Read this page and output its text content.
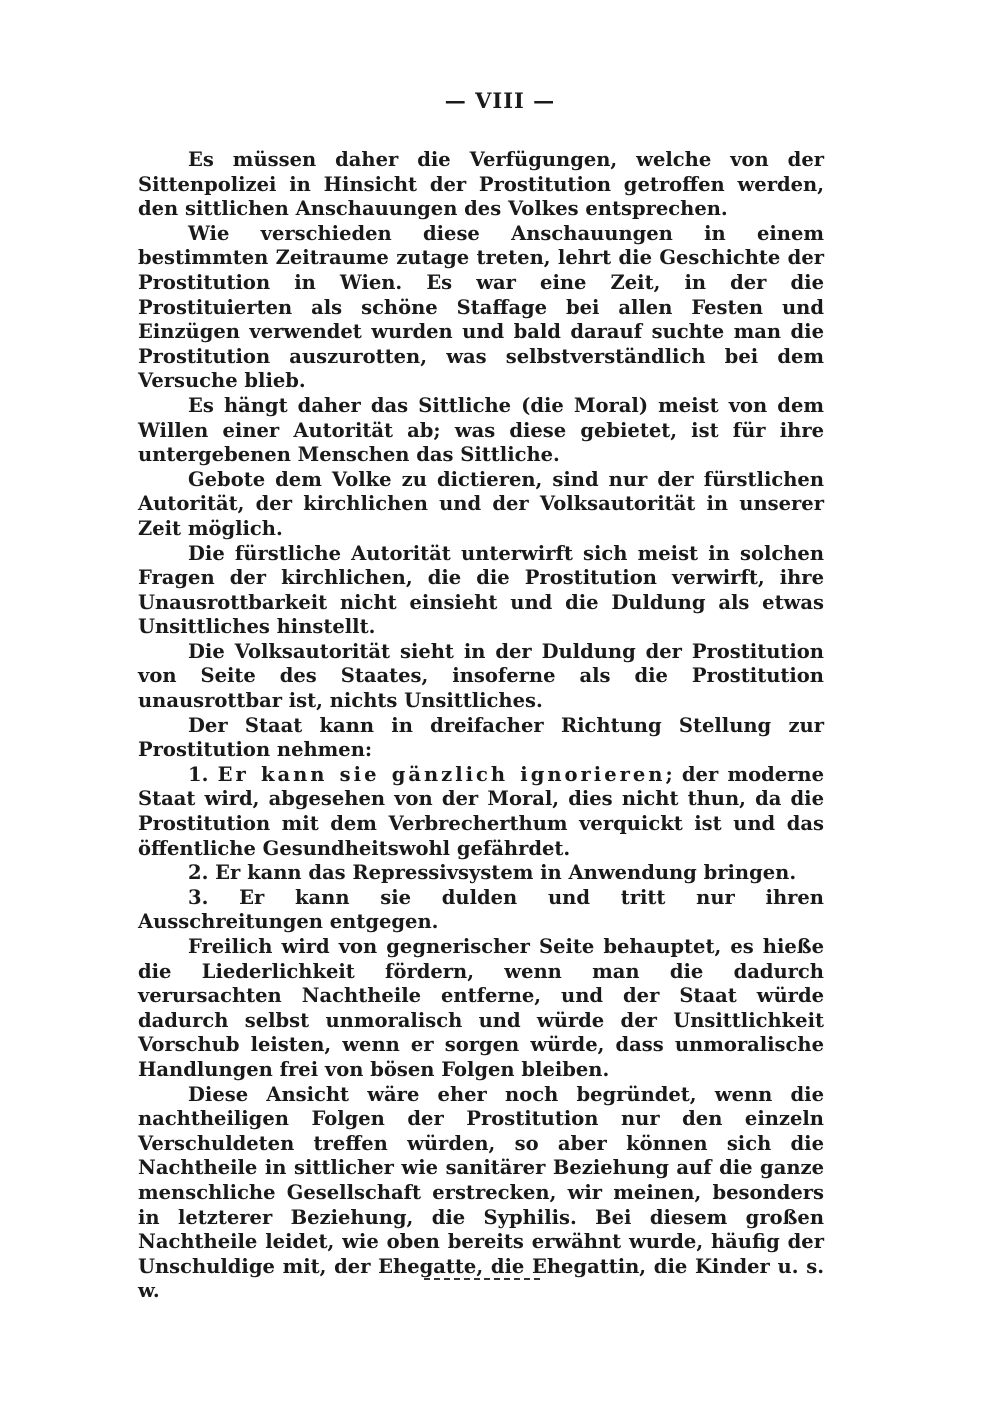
— VIII —

Es müssen daher die Verfügungen, welche von der Sittenpolizei in Hinsicht der Prostitution getroffen werden, den sittlichen Anschauungen des Volkes entsprechen.

Wie verschieden diese Anschauungen in einem bestimmten Zeitraume zutage treten, lehrt die Geschichte der Prostitution in Wien. Es war eine Zeit, in der die Prostituierten als schöne Staffage bei allen Festen und Einzügen verwendet wurden und bald darauf suchte man die Prostitution auszurotten, was selbstverständlich bei dem Versuche blieb.

Es hängt daher das Sittliche (die Moral) meist von dem Willen einer Autorität ab; was diese gebietet, ist für ihre untergebenen Menschen das Sittliche.

Gebote dem Volke zu dictieren, sind nur der fürstlichen Autorität, der kirchlichen und der Volksautorität in unserer Zeit möglich.

Die fürstliche Autorität unterwirft sich meist in solchen Fragen der kirchlichen, die die Prostitution verwirft, ihre Unausrottbarkeit nicht einsieht und die Duldung als etwas Unsittliches hinstellt.

Die Volksautorität sieht in der Duldung der Prostitution von Seite des Staates, insoferne als die Prostitution unausrottbar ist, nichts Unsittliches.

Der Staat kann in dreifacher Richtung Stellung zur Prostitution nehmen:

1. Er kann sie gänzlich ignorieren; der moderne Staat wird, abgesehen von der Moral, dies nicht thun, da die Prostitution mit dem Verbrecherthum verquickt ist und das öffentliche Gesundheitswohl gefährdet.

2. Er kann das Repressivsystem in Anwendung bringen.

3. Er kann sie dulden und tritt nur ihren Ausschreitungen entgegen.

Freilich wird von gegnerischer Seite behauptet, es hieße die Liederlichkeit fördern, wenn man die dadurch verursachten Nachtheile entferne, und der Staat würde dadurch selbst unmoralisch und würde der Unsittlichkeit Vorschub leisten, wenn er sorgen würde, dass unmoralische Handlungen frei von bösen Folgen bleiben.

Diese Ansicht wäre eher noch begründet, wenn die nachtheiligen Folgen der Prostitution nur den einzeln Verschuldeten treffen würden, so aber können sich die Nachtheile in sittlicher wie sanitärer Beziehung auf die ganze menschliche Gesellschaft erstrecken, wir meinen, besonders in letzterer Beziehung, die Syphilis. Bei diesem großen Nachtheile leidet, wie oben bereits erwähnt wurde, häufig der Unschuldige mit, der Ehegatte, die Ehegattin, die Kinder u. s. w.
